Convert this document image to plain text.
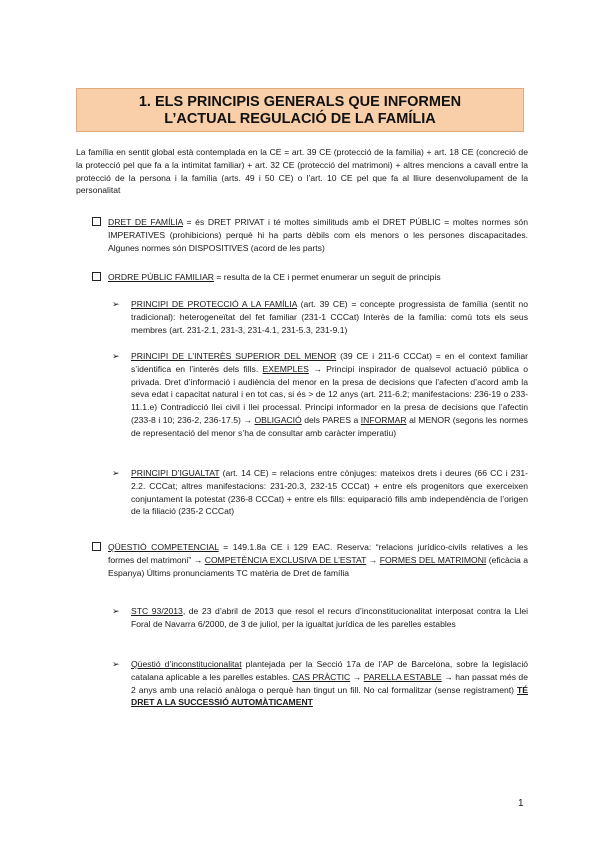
1. ELS PRINCIPIS GENERALS QUE INFORMEN
L’ACTUAL REGULACIÓ DE LA FAMÍLIA
La família en sentit global està contemplada en la CE = art. 39 CE (protecció de la família) + art. 18 CE (concreció de la protecció pel que fa a la intimitat familiar) + art. 32 CE (protecció del matrimoni) + altres mencions a cavall entre la protecció de la persona i la família (arts. 49 i 50 CE) o l’art. 10 CE pel que fa al lliure desenvolupament de la personalitat
DRET DE FAMÍLIA = és DRET PRIVAT i té moltes similituds amb el DRET PÚBLIC = moltes normes són IMPERATIVES (prohibicions) perquè hi ha parts dèbils com els menors o les persones discapacitades. Algunes normes són DISPOSITIVES (acord de les parts)
ORDRE PÚBLIC FAMILIAR = resulta de la CE i permet enumerar un seguit de principis
➢ PRINCIPI DE PROTECCIÓ A LA FAMÍLIA (art. 39 CE) = concepte progressista de família (sentit no tradicional): heterogeneïtat del fet familiar (231-1 CCCat) Interès de la família: comú tots els seus membres (art. 231-2.1, 231-3, 231-4.1, 231-5.3, 231-9.1)
➢ PRINCIPI DE L’INTERÈS SUPERIOR DEL MENOR (39 CE i 211-6 CCCat) = en el context familiar s’identifica en l’interès dels fills. EXEMPLES → Principi inspirador de qualsevol actuació pública o privada. Dret d’informació i audiència del menor en la presa de decisions que l’afecten d’acord amb la seva edat i capacitat natural i en tot cas, si és > de 12 anys (art. 211-6.2; manifestacions: 236-19 o 233-11.1.e) Contradicció llei civil i llei processal. Principi informador en la presa de decisions que l’afectin (233-8 i 10; 236-2, 236-17.5) → OBLIGACIÓ dels PARES a INFORMAR al MENOR (segons les normes de representació del menor s’ha de consultar amb caràcter imperatiu)
➢ PRINCIPI D’IGUALTAT (art. 14 CE) = relacions entre cònjuges: mateixos drets i deures (66 CC i 231- 2.2. CCCat; altres manifestacions: 231-20.3, 232-15 CCCat) + entre els progenitors que exerceixen conjuntament la potestat (236-8 CCCat) + entre els fills: equiparació fills amb independència de l’origen de la filiació (235-2 CCCat)
QÜESTIÓ COMPETENCIAL = 149.1.8a CE i 129 EAC. Reserva: “relacions jurídico-civils relatives a les formes del matrimoni” → COMPETÈNCIA EXCLUSIVA DE L’ESTAT → FORMES DEL MATRIMONI (eficàcia a Espanya) Últims pronunciaments TC matèria de Dret de família
➢ STC 93/2013, de 23 d’abril de 2013 que resol el recurs d’inconstitucionalitat interposat contra la Llei Foral de Navarra 6/2000, de 3 de juliol, per la igualtat jurídica de les parelles estables
➢ Qüestió d’inconstitucionalitat plantejada per la Secció 17a de l’AP de Barcelona, sobre la legislació catalana aplicable a les parelles estables. CAS PRÀCTIC → PARELLA ESTABLE → han passat més de 2 anys amb una relació anàloga o perquè han tingut un fill. No cal formalitzar (sense registrament) TÉ DRET A LA SUCCESSIÓ AUTOMÀTICAMENT
1
